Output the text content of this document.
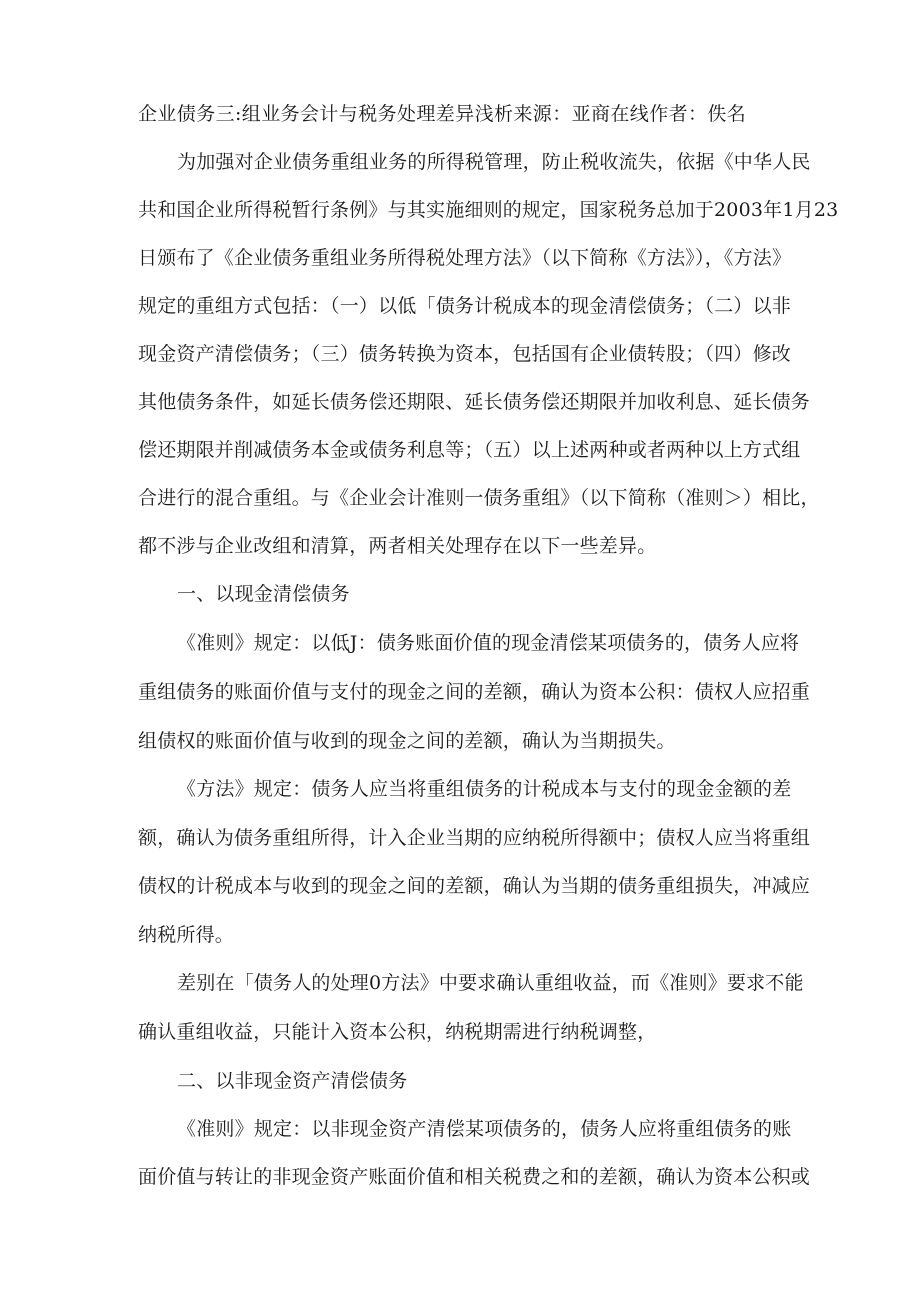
企业债务三:组业务会计与税务处理差异浅析来源：亚商在线作者：佚名
为加强对企业债务重组业务的所得税管理，防止税收流失，依据《中华人民
共和国企业所得税暂行条例》与其实施细则的规定，国家税务总加于2003年1月23
日颁布了《企业债务重组业务所得税处理方法》（以下简称《方法》），《方法》
规定的重组方式包括：（一）以低「债务计税成本的现金清偿债务；（二）以非
现金资产清偿债务；（三）债务转换为资本，包括国有企业债转股；（四）修改
其他债务条件，如延长债务偿还期限、延长债务偿还期限并加收利息、延长债务
偿还期限并削减债务本金或债务利息等；（五）以上述两种或者两种以上方式组
合进行的混合重组。与《企业会计准则一债务重组》（以下简称（准则＞）相比，
都不涉与企业改组和清算，两者相关处理存在以下一些差异。
一、以现金清偿债务
《准则》规定：以低J：债务账面价值的现金清偿某项债务的，债务人应将
重组债务的账面价值与支付的现金之间的差额，确认为资本公积：债权人应招重
组债权的账面价值与收到的现金之间的差额，确认为当期损失。
《方法》规定：债务人应当将重组债务的计税成本与支付的现金金额的差
额，确认为债务重组所得，计入企业当期的应纳税所得额中；债权人应当将重组
债权的计税成本与收到的现金之间的差额，确认为当期的债务重组损失，冲减应
纳税所得。
差别在「债务人的处理0方法》中要求确认重组收益，而《准则》要求不能
确认重组收益，只能计入资本公积，纳税期需进行纳税调整，
二、以非现金资产清偿债务
《准则》规定：以非现金资产清偿某项债务的，债务人应将重组债务的账
面价值与转让的非现金资产账面价值和相关税费之和的差额，确认为资本公积或
